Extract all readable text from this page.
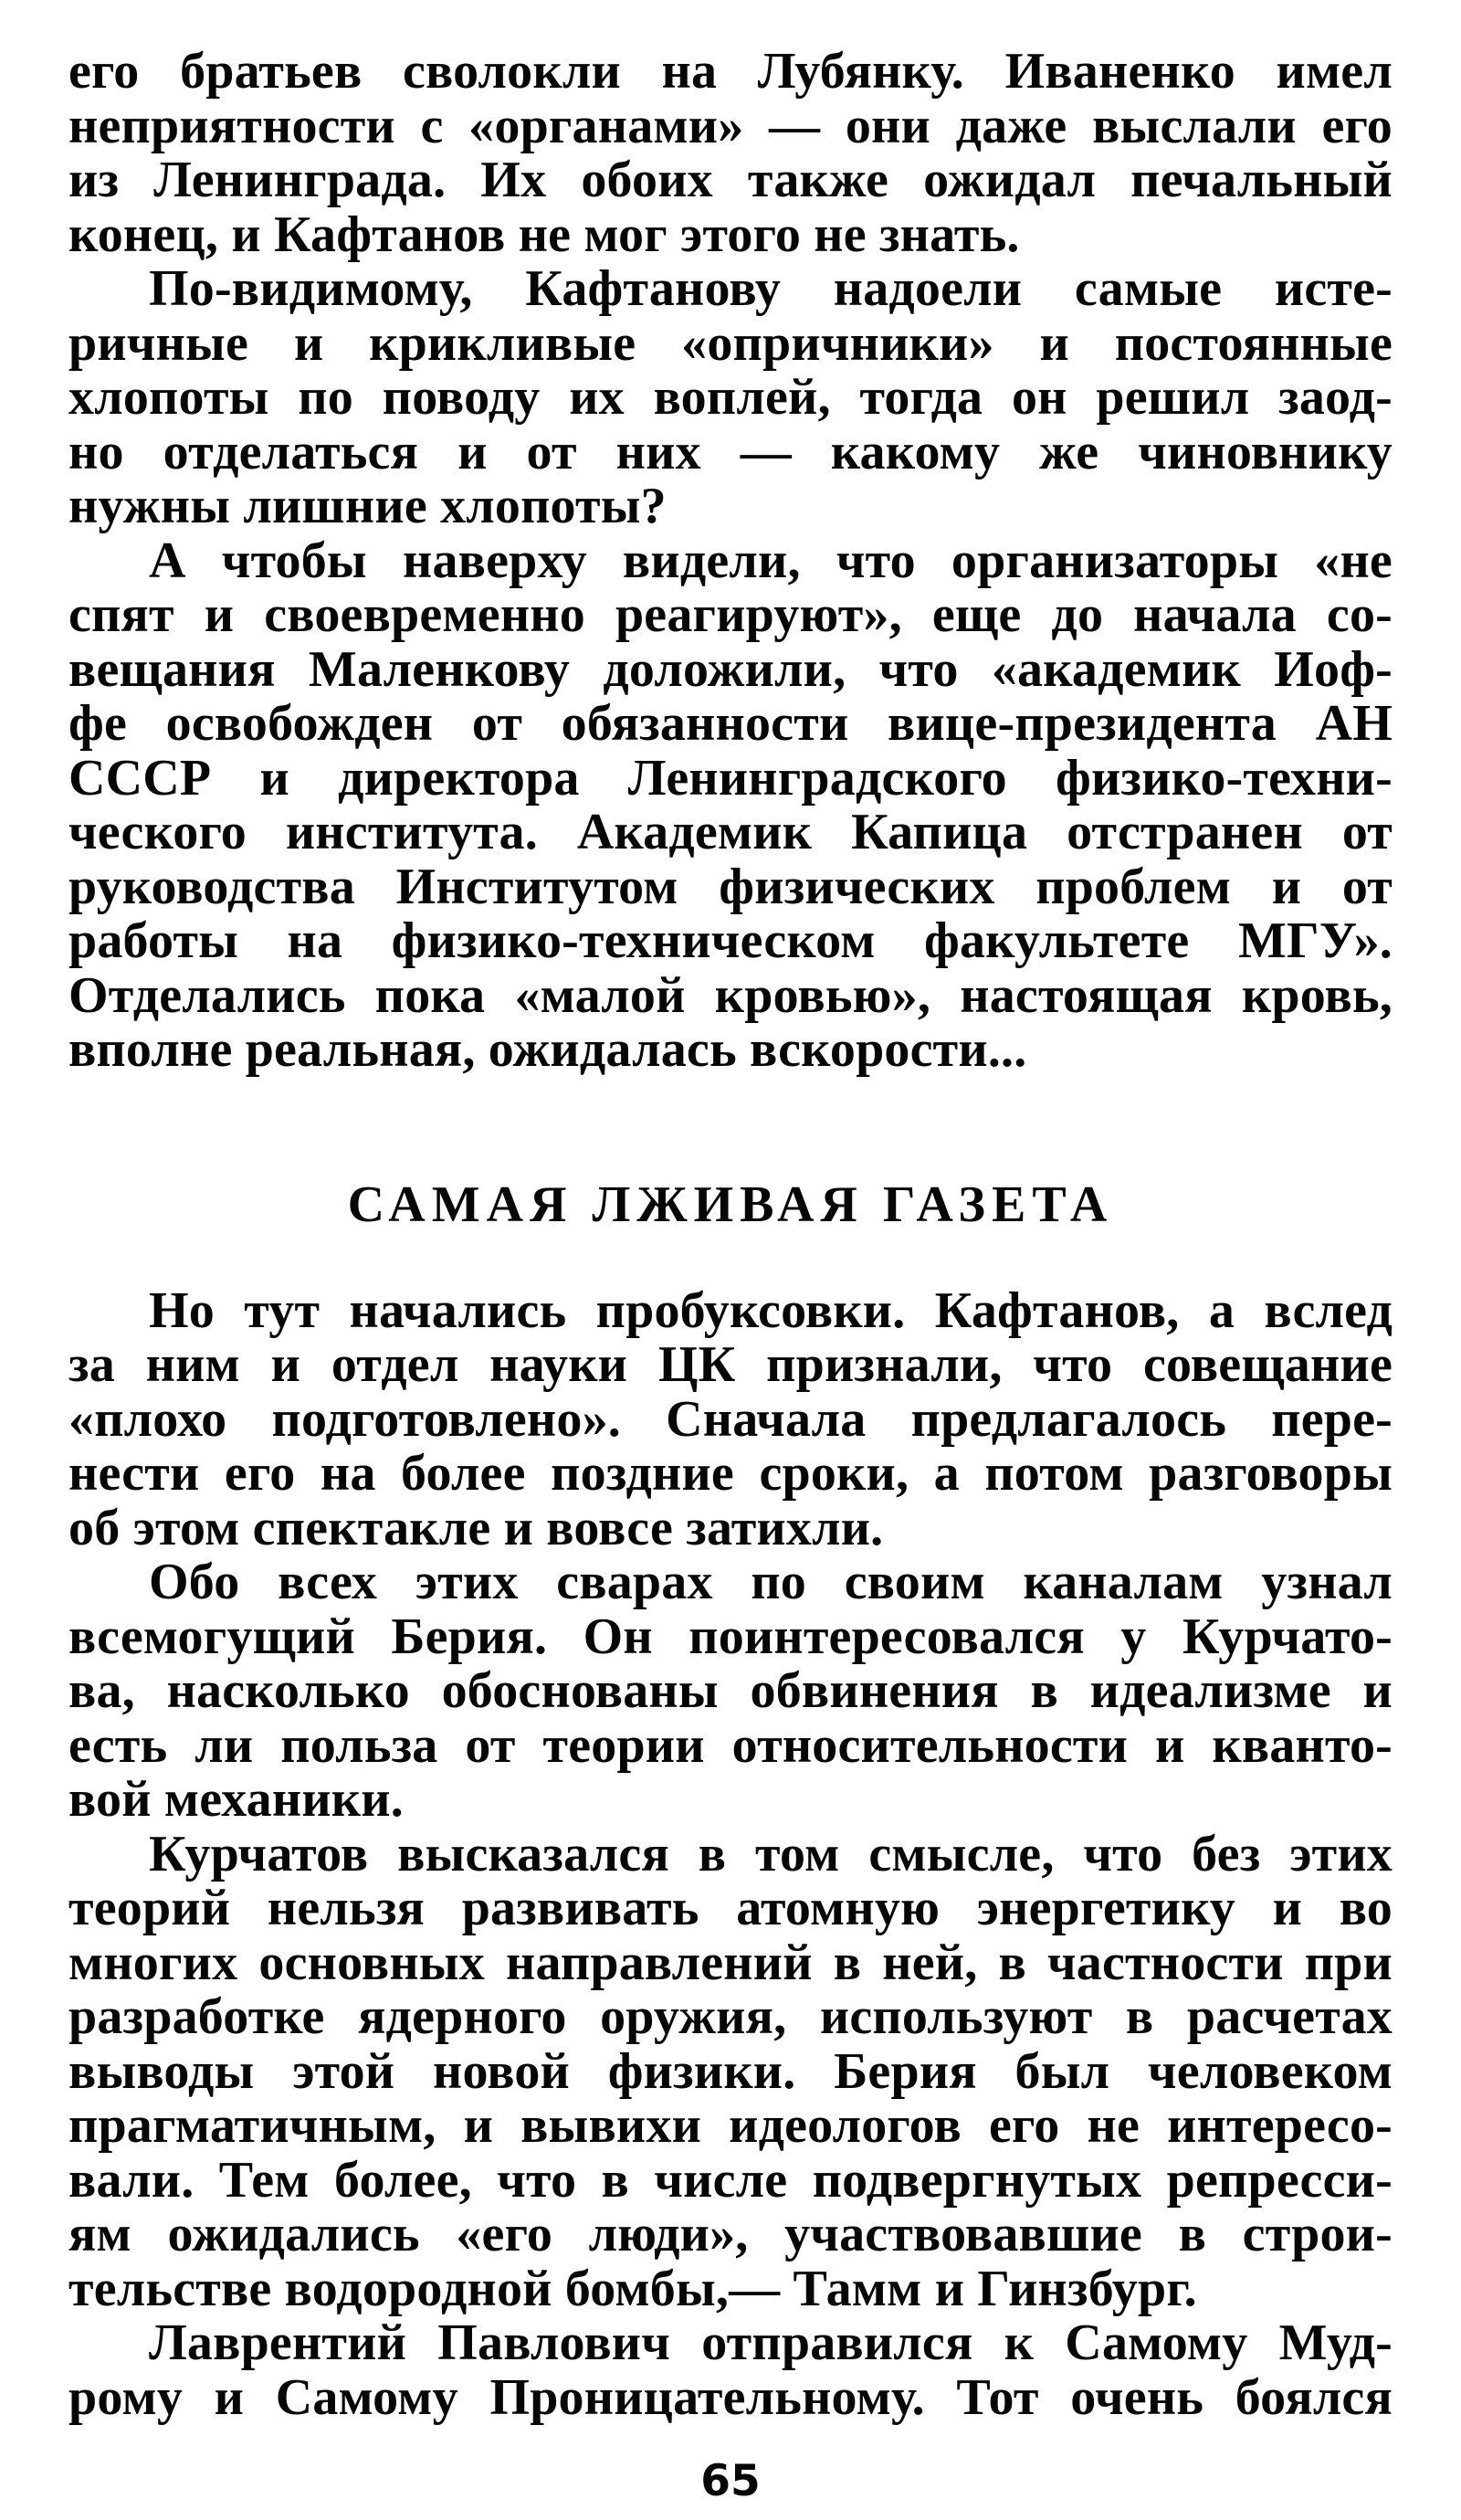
его братьев сволокли на Лубянку. Иваненко имел
неприятности с «органами» — они даже выслали его
из Ленинграда. Их обоих также ожидал печальный
конец, и Кафтанов не мог этого не знать.
По-видимому, Кафтанову надоели самые исте-
ричные и крикливые «опричники» и постоянные
хлопоты по поводу их воплей, тогда он решил заод-
но отделаться и от них — какому же чиновнику
нужны лишние хлопоты?
А чтобы наверху видели, что организаторы «не
спят и своевременно реагируют», еще до начала со-
вещания Маленкову доложили, что «академик Иоф-
фе освобожден от обязанности вице-президента АН
СССР и директора Ленинградского физико-техни-
ческого института. Академик Капица отстранен от
руководства Институтом физических проблем и от
работы на физико-техническом факультете МГУ».
Отделались пока «малой кровью», настоящая кровь,
вполне реальная, ожидалась вскорости...
САМАЯ ЛЖИВАЯ ГАЗЕТА
Но тут начались пробуксовки. Кафтанов, а вслед
за ним и отдел науки ЦК признали, что совещание
«плохо подготовлено». Сначала предлагалось пере-
нести его на более поздние сроки, а потом разговоры
об этом спектакле и вовсе затихли.
Обо всех этих сварах по своим каналам узнал
всемогущий Берия. Он поинтересовался у Курчато-
ва, насколько обоснованы обвинения в идеализме и
есть ли польза от теории относительности и кванто-
вой механики.
Курчатов высказался в том смысле, что без этих
теорий нельзя развивать атомную энергетику и во
многих основных направлений в ней, в частности при
разработке ядерного оружия, используют в расчетах
выводы этой новой физики. Берия был человеком
прагматичным, и вывихи идеологов его не интересо-
вали. Тем более, что в числе подвергнутых репресси-
ям ожидались «его люди», участвовавшие в строи-
тельстве водородной бомбы,— Тамм и Гинзбург.
Лаврентий Павлович отправился к Самому Муд-
рому и Самому Проницательному. Тот очень боялся
65
